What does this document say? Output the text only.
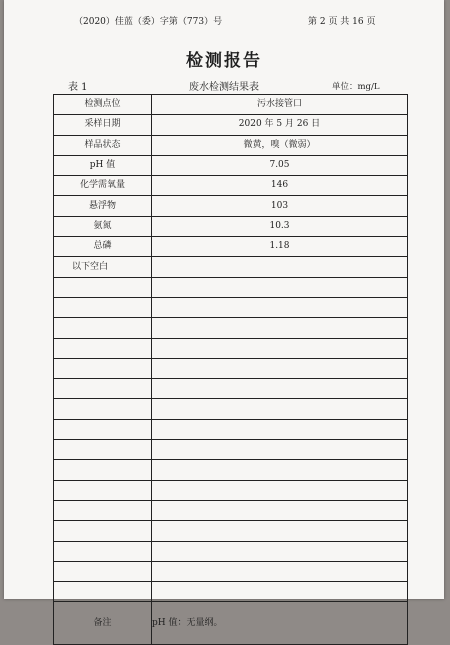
（2020）佳蓝（委）字第（773）号	第 2 页 共 16 页
检测报告
表 1	废水检测结果表	单位：mg/L
检测点位	污水接管口
采样日期	2020 年 5 月 26 日
样品状态	微黄，嗅（微弱）
pH 值	7.05
化学需氧量	146
悬浮物	103
氨氮	10.3
总磷	1.18
以下空白	

备注	pH 值：无量纲。
